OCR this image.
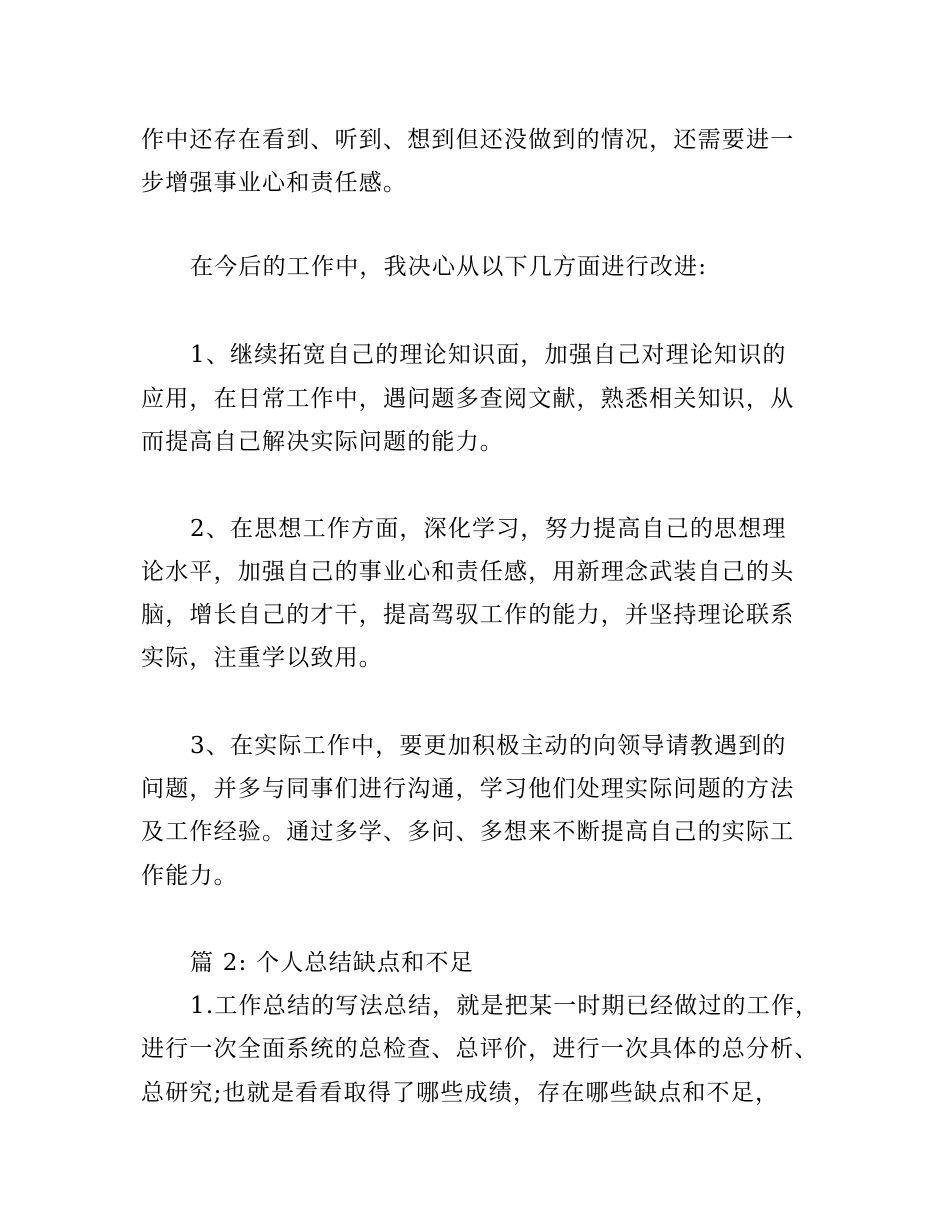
作中还存在看到、听到、想到但还没做到的情况，还需要进一
步增强事业心和责任感。
在今后的工作中，我决心从以下几方面进行改进:
1、继续拓宽自己的理论知识面，加强自己对理论知识的
应用，在日常工作中，遇问题多查阅文献，熟悉相关知识，从
而提高自己解决实际问题的能力。
2、在思想工作方面，深化学习，努力提高自己的思想理
论水平，加强自己的事业心和责任感，用新理念武装自己的头
脑，增长自己的才干，提高驾驭工作的能力，并坚持理论联系
实际，注重学以致用。
3、在实际工作中，要更加积极主动的向领导请教遇到的
问题，并多与同事们进行沟通，学习他们处理实际问题的方法
及工作经验。通过多学、多问、多想来不断提高自己的实际工
作能力。
篇 2: 个人总结缺点和不足
1.工作总结的写法总结，就是把某一时期已经做过的工作，
进行一次全面系统的总检查、总评价，进行一次具体的总分析、
总研究;也就是看看取得了哪些成绩，存在哪些缺点和不足，
